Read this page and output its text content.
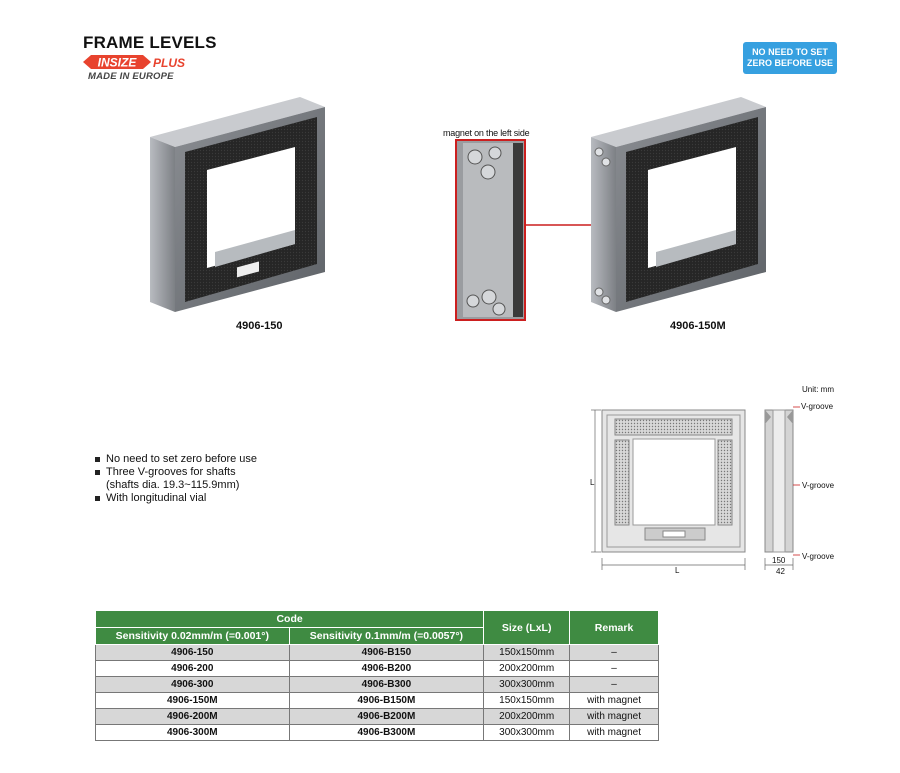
FRAME LEVELS
INSIZE PLUS
MADE IN EUROPE
NO NEED TO SET
ZERO BEFORE USE
4906-150
magnet on the left side
4906-150M
No need to set zero before use
Three V-grooves for shafts
(shafts dia. 19.3~115.9mm)
With longitudinal vial
Unit: mm
L
L
V-groove
V-groove
V-groove
150
42
Code		Size (LxL)	Remark
Sensitivity 0.02mm/m (=0.001°)	Sensitivity 0.1mm/m (=0.0057°)		
4906-150	4906-B150	150x150mm	–
4906-200	4906-B200	200x200mm	–
4906-300	4906-B300	300x300mm	–
4906-150M	4906-B150M	150x150mm	with magnet
4906-200M	4906-B200M	200x200mm	with magnet
4906-300M	4906-B300M	300x300mm	with magnet
